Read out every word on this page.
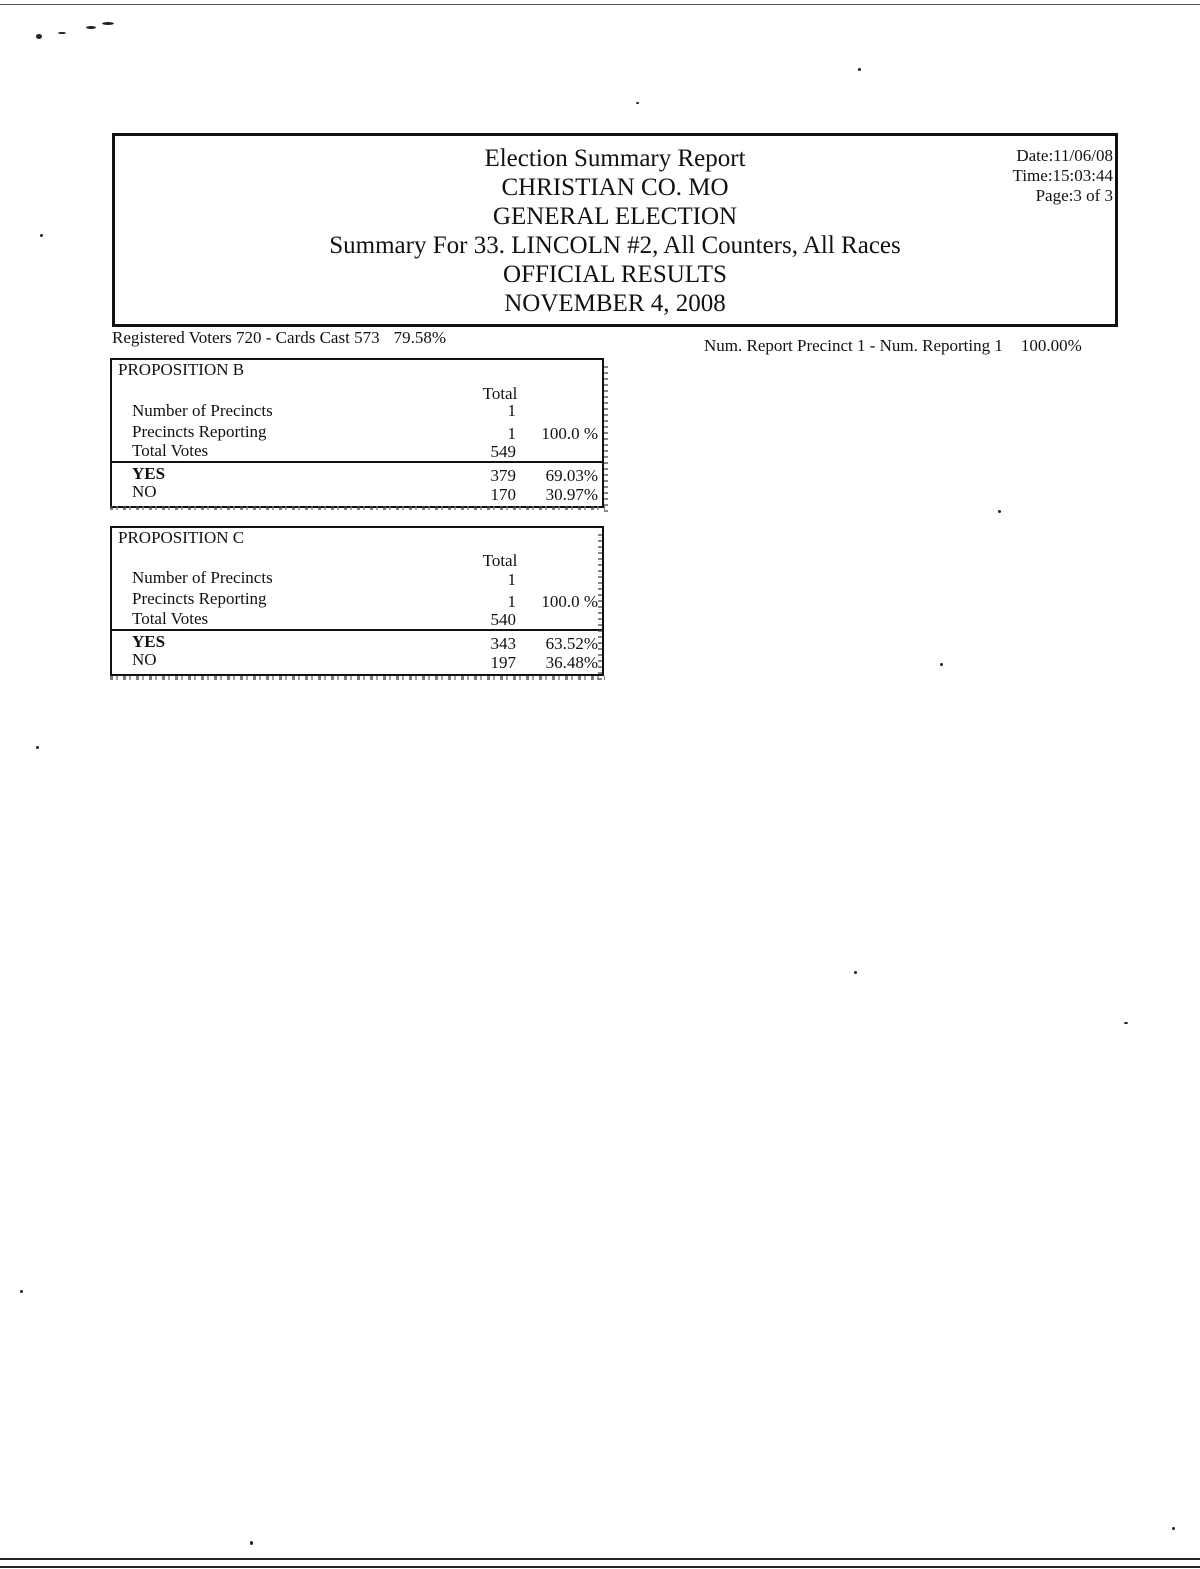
Election Summary Report
CHRISTIAN CO. MO
GENERAL ELECTION
Summary For 33. LINCOLN #2, All Counters, All Races
OFFICIAL RESULTS
NOVEMBER 4, 2008
Date:11/06/08
Time:15:03:44
Page:3 of 3
Registered Voters 720 - Cards Cast 573 79.58%	Num. Report Precinct 1 - Num. Reporting 1 100.00%
PROPOSITION B
Total
Number of Precincts	1
Precincts Reporting	1	100.0 %
Total Votes	549
YES	379	69.03%
NO	170	30.97%
PROPOSITION C
Total
Number of Precincts	1
Precincts Reporting	1	100.0 %
Total Votes	540
YES	343	63.52%
NO	197	36.48%
